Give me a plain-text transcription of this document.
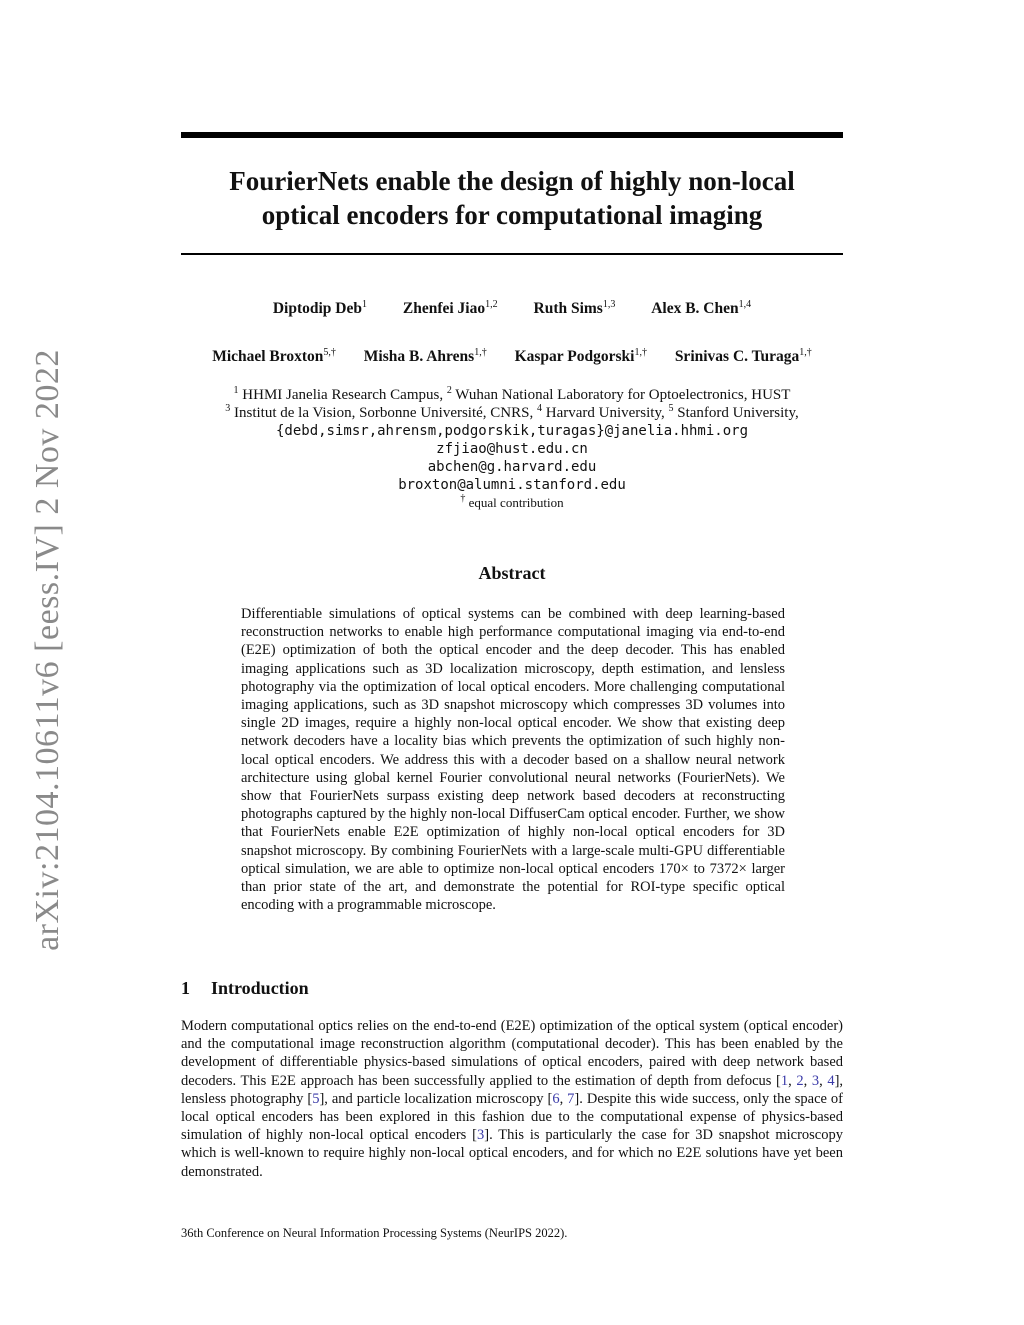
arXiv:2104.10611v6 [eess.IV] 2 Nov 2022
FourierNets enable the design of highly non-local
optical encoders for computational imaging
Diptodip Deb$^1$ Zhenfei Jiao$^{1,2}$ Ruth Sims$^{1,3}$ Alex B. Chen$^{1,4}$
Michael Broxton$^{5,\dagger}$ Misha B. Ahrens$^{1,\dagger}$ Kaspar Podgorski$^{1,\dagger}$ Srinivas C. Turaga$^{1,\dagger}$
$^1$ HHMI Janelia Research Campus, $^2$ Wuhan National Laboratory for Optoelectronics, HUST
$^3$ Institut de la Vision, Sorbonne Université, CNRS, $^4$ Harvard University, $^5$ Stanford University,
{debd,simsr,ahrensm,podgorskik,turagas}@janelia.hhmi.org
zfjiao@hust.edu.cn
abchen@g.harvard.edu
broxton@alumni.stanford.edu
† equal contribution
Abstract
Differentiable simulations of optical systems can be combined with deep learning-based reconstruction networks to enable high performance computational imaging via end-to-end (E2E) optimization of both the optical encoder and the deep decoder. This has enabled imaging applications such as 3D localization microscopy, depth estimation, and lensless photography via the optimization of local optical encoders. More challenging computational imaging applications, such as 3D snapshot microscopy which compresses 3D volumes into single 2D images, require a highly non-local optical encoder. We show that existing deep network decoders have a locality bias which prevents the optimization of such highly non-local optical encoders. We address this with a decoder based on a shallow neural network architecture using global kernel Fourier convolutional neural networks (FourierNets). We show that FourierNets surpass existing deep network based decoders at reconstructing photographs captured by the highly non-local DiffuserCam optical encoder. Further, we show that FourierNets enable E2E optimization of highly non-local optical encoders for 3D snapshot microscopy. By combining FourierNets with a large-scale multi-GPU differentiable optical simulation, we are able to optimize non-local optical encoders 170× to 7372× larger than prior state of the art, and demonstrate the potential for ROI-type specific optical encoding with a programmable microscope.
1 Introduction
Modern computational optics relies on the end-to-end (E2E) optimization of the optical system (optical encoder) and the computational image reconstruction algorithm (computational decoder). This has been enabled by the development of differentiable physics-based simulations of optical encoders, paired with deep network based decoders. This E2E approach has been successfully applied to the estimation of depth from defocus [1, 2, 3, 4], lensless photography [5], and particle localization microscopy [6, 7]. Despite this wide success, only the space of local optical encoders has been explored in this fashion due to the computational expense of physics-based simulation of highly non-local optical encoders [3]. This is particularly the case for 3D snapshot microscopy which is well-known to require highly non-local optical encoders, and for which no E2E solutions have yet been demonstrated.
36th Conference on Neural Information Processing Systems (NeurIPS 2022).
